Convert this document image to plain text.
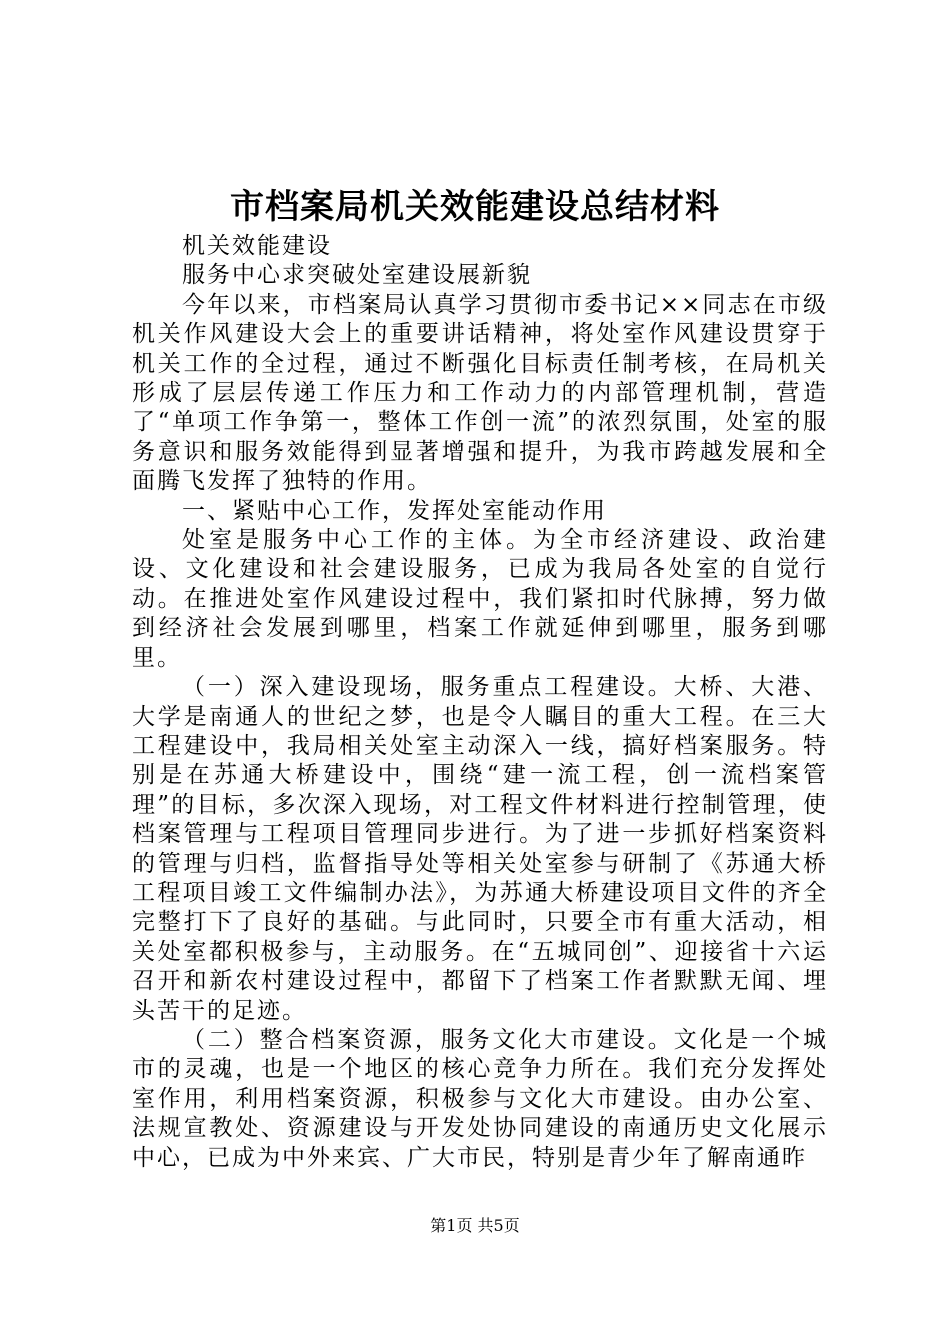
市档案局机关效能建设总结材料

机关效能建设

服务中心求突破处室建设展新貌

今年以来，市档案局认真学习贯彻市委书记××同志在市级机关作风建设大会上的重要讲话精神，将处室作风建设贯穿于机关工作的全过程，通过不断强化目标责任制考核，在局机关形成了层层传递工作压力和工作动力的内部管理机制，营造了“单项工作争第一，整体工作创一流”的浓烈氛围，处室的服务意识和服务效能得到显著增强和提升，为我市跨越发展和全面腾飞发挥了独特的作用。

一、紧贴中心工作，发挥处室能动作用

处室是服务中心工作的主体。为全市经济建设、政治建设、文化建设和社会建设服务，已成为我局各处室的自觉行动。在推进处室作风建设过程中，我们紧扣时代脉搏，努力做到经济社会发展到哪里，档案工作就延伸到哪里，服务到哪里。

（一）深入建设现场，服务重点工程建设。大桥、大港、大学是南通人的世纪之梦，也是令人瞩目的重大工程。在三大工程建设中，我局相关处室主动深入一线，搞好档案服务。特别是在苏通大桥建设中，围绕“建一流工程，创一流档案管理”的目标，多次深入现场，对工程文件材料进行控制管理，使档案管理与工程项目管理同步进行。为了进一步抓好档案资料的管理与归档，监督指导处等相关处室参与研制了《苏通大桥工程项目竣工文件编制办法》，为苏通大桥建设项目文件的齐全完整打下了良好的基础。与此同时，只要全市有重大活动，相关处室都积极参与，主动服务。在“五城同创”、迎接省十六运召开和新农村建设过程中，都留下了档案工作者默默无闻、埋头苦干的足迹。

（二）整合档案资源，服务文化大市建设。文化是一个城市的灵魂，也是一个地区的核心竞争力所在。我们充分发挥处室作用，利用档案资源，积极参与文化大市建设。由办公室、法规宣教处、资源建设与开发处协同建设的南通历史文化展示中心，已成为中外来宾、广大市民，特别是青少年了解南通昨

第1页 共5页
